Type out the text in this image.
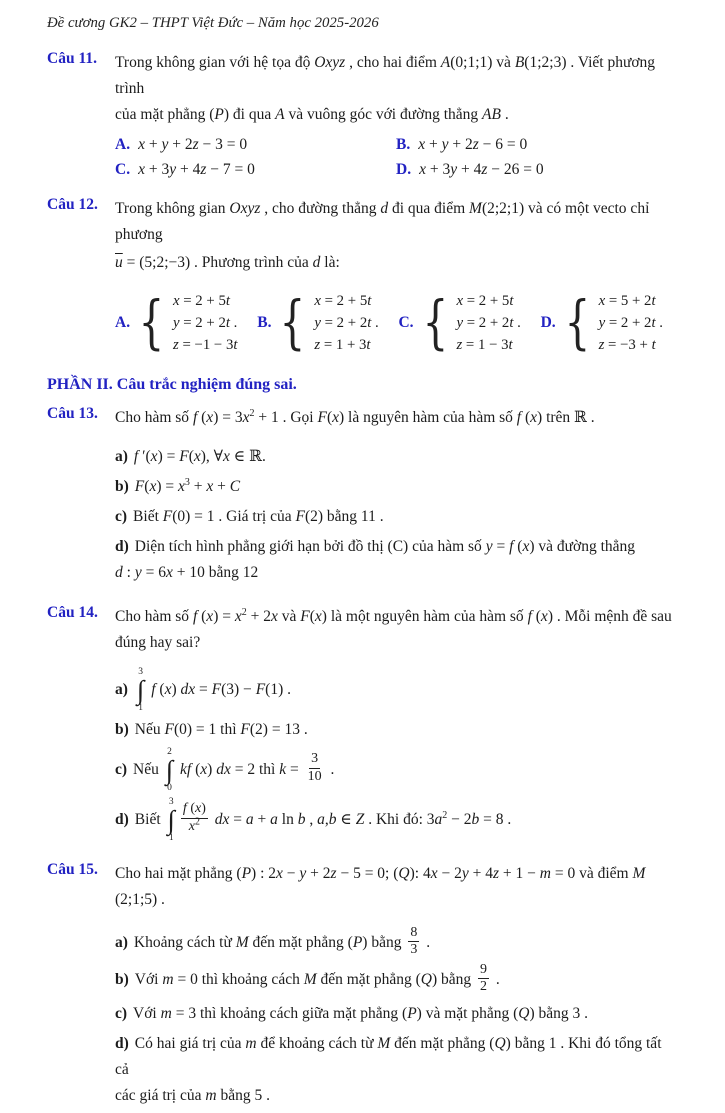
Đề cương GK2 – THPT Việt Đức – Năm học 2025-2026
Câu 11.	Trong không gian với hệ tọa độ Oxyz , cho hai điểm A(0;1;1) và B(1;2;3) . Viết phương trình
của mặt phẳng (P) đi qua A và vuông góc với đường thẳng AB .
A. x + y + 2z − 3 = 0	B. x + y + 2z − 6 = 0
C. x + 3y + 4z − 7 = 0	D. x + 3y + 4z − 26 = 0
Câu 12.	Trong không gian Oxyz , cho đường thẳng d đi qua điểm M(2;2;1) và có một vecto chỉ phương
$\overline{u}$ = (5;2;−3) . Phương trình của d là:
A. { x = 2 + 5t
y = 2 + 2t .
z = −1 − 3t
B. { x = 2 + 5t
y = 2 + 2t .
z = 1 + 3t
C. { x = 2 + 5t
y = 2 + 2t .
z = 1 − 3t
D. { x = 5 + 2t
y = 2 + 2t .
z = −3 + t
PHẦN II. Câu trắc nghiệm đúng sai.
Câu 13.	Cho hàm số f $(x) = 3x^2 + 1$ . Gọi F(x) là nguyên hàm của hàm số f (x) trên ℝ .
a) f ′(x) = F(x), ∀x ∈ ℝ.
b) $F(x) = x^3 + x + C$
c) Biết F(0) = 1 . Giá trị của F(2) bằng 11 .
d) Diện tích hình phẳng giới hạn bởi đồ thị (C) của hàm số y = f (x) và đường thẳng
d : y = 6x + 10 bằng 12
Câu 14.	Cho hàm số f $(x) = x^2 + 2x$ và F(x) là một nguyên hàm của hàm số f (x) . Mỗi mệnh đề sau
đúng hay sai?
a)
3
∫
1
f (x) dx = F(3) − F(1) .
b) Nếu F(0) = 1 thì F(2) = 13 .
c) Nếu
2
∫
0
kf (x) dx = 2 thì $k = \frac{3}{10}$ .
d) Biết
3
∫
1
$\frac{f (x)}{x^2}$ dx = a + a ln b , a,b ∈ Z . Khi đó: $3a^2 - 2b = 8$ .
Câu 15.	Cho hai mặt phẳng (P) : 2x − y + 2z − 5 = 0; (Q): 4x − 2y + 4z + 1 − m = 0 và điểm M (2;1;5) .
a) Khoảng cách từ M đến mặt phẳng (P) bằng $\frac{8}{3}$ .
b) Với m = 0 thì khoảng cách M đến mặt phẳng (Q) bằng $\frac{9}{2}$ .
c) Với m = 3 thì khoảng cách giữa mặt phẳng (P) và mặt phẳng (Q) bằng 3 .
d) Có hai giá trị của m để khoảng cách từ M đến mặt phẳng (Q) bằng 1 . Khi đó tổng tất cả
các giá trị của m bằng 5 .
